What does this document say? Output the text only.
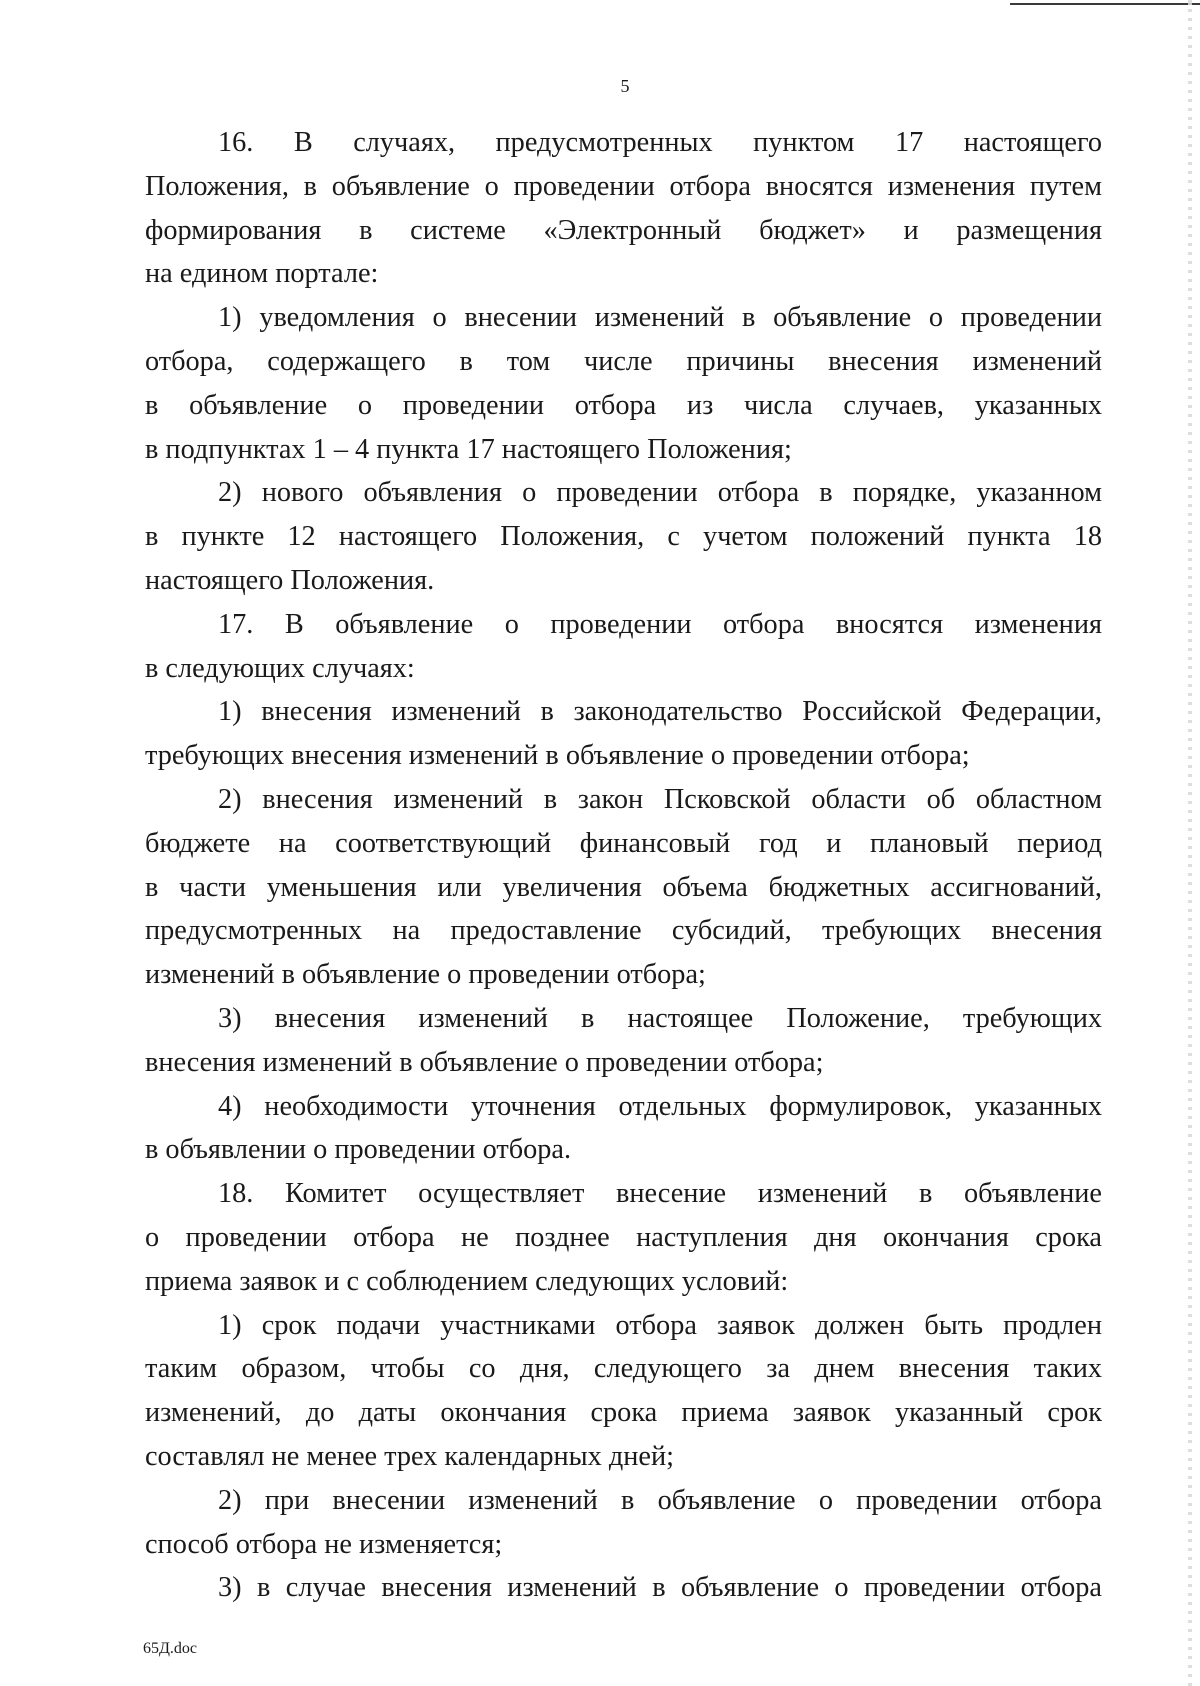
5
16. В случаях, предусмотренных пунктом 17 настоящего
Положения, в объявление о проведении отбора вносятся изменения путем
формирования в системе «Электронный бюджет» и размещения
на едином портале:
1) уведомления о внесении изменений в объявление о проведении
отбора, содержащего в том числе причины внесения изменений
в объявление о проведении отбора из числа случаев, указанных
в подпунктах 1 – 4 пункта 17 настоящего Положения;
2) нового объявления о проведении отбора в порядке, указанном
в пункте 12 настоящего Положения, с учетом положений пункта 18
настоящего Положения.
17. В объявление о проведении отбора вносятся изменения
в следующих случаях:
1) внесения изменений в законодательство Российской Федерации,
требующих внесения изменений в объявление о проведении отбора;
2) внесения изменений в закон Псковской области об областном
бюджете на соответствующий финансовый год и плановый период
в части уменьшения или увеличения объема бюджетных ассигнований,
предусмотренных на предоставление субсидий, требующих внесения
изменений в объявление о проведении отбора;
3) внесения изменений в настоящее Положение, требующих
внесения изменений в объявление о проведении отбора;
4) необходимости уточнения отдельных формулировок, указанных
в объявлении о проведении отбора.
18. Комитет осуществляет внесение изменений в объявление
о проведении отбора не позднее наступления дня окончания срока
приема заявок и с соблюдением следующих условий:
1) срок подачи участниками отбора заявок должен быть продлен
таким образом, чтобы со дня, следующего за днем внесения таких
изменений, до даты окончания срока приема заявок указанный срок
составлял не менее трех календарных дней;
2) при внесении изменений в объявление о проведении отбора
способ отбора не изменяется;
3) в случае внесения изменений в объявление о проведении отбора
65Д.doc
